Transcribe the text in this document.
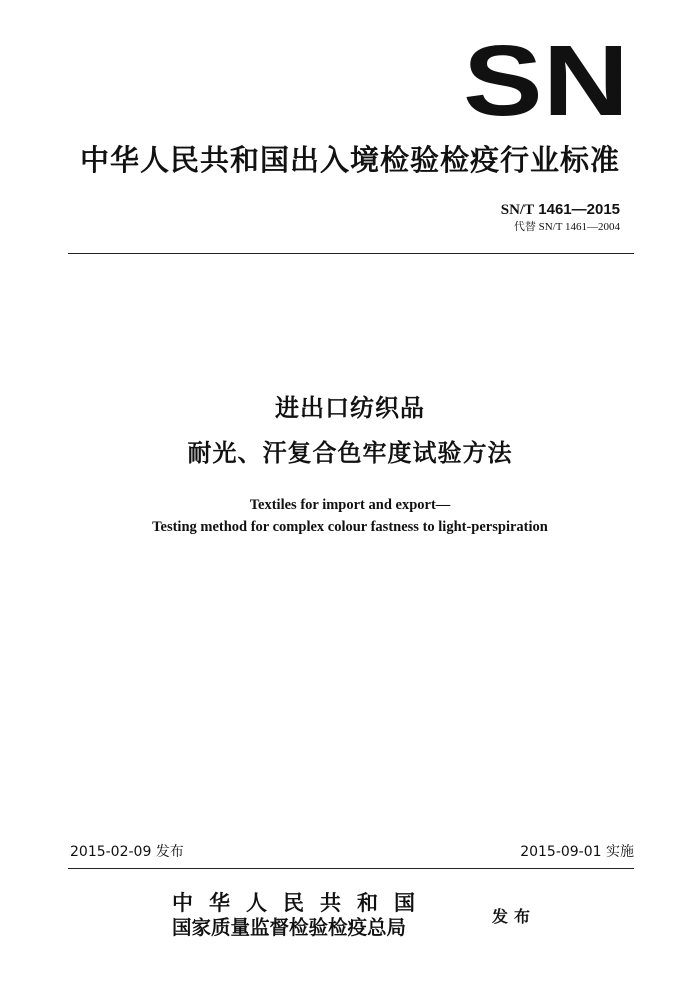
SN
中华人民共和国出入境检验检疫行业标准
SN/T 1461—2015
代替 SN/T 1461—2004
进出口纺织品
耐光、汗复合色牢度试验方法
Textiles for import and export—
Testing method for complex colour fastness to light-perspiration
2015-02-09 发布	2015-09-01 实施
中华人民共和国
国家质量监督检验检疫总局	发布
